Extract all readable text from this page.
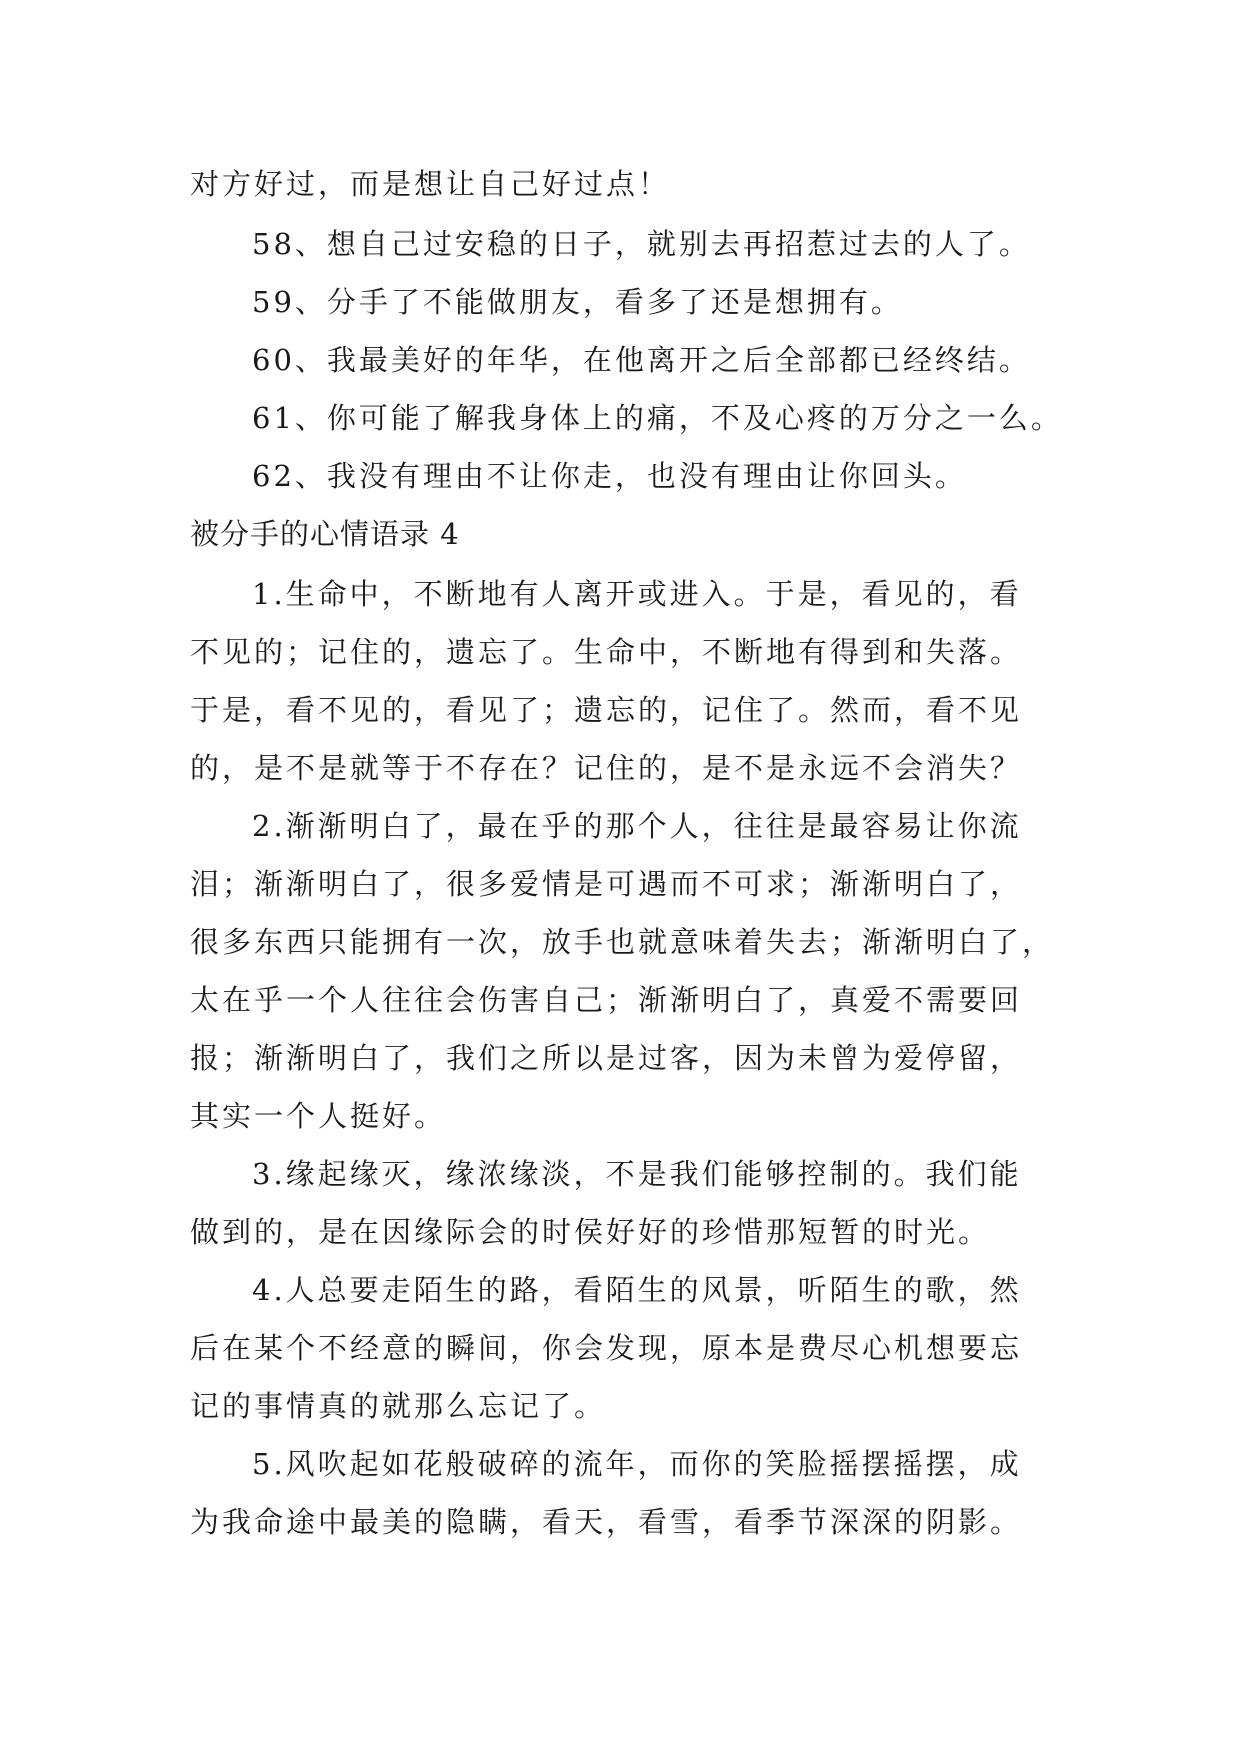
对方好过，而是想让自己好过点！
58、想自己过安稳的日子，就别去再招惹过去的人了。
59、分手了不能做朋友，看多了还是想拥有。
60、我最美好的年华，在他离开之后全部都已经终结。
61、你可能了解我身体上的痛，不及心疼的万分之一么。
62、我没有理由不让你走，也没有理由让你回头。
被分手的心情语录 4
1.生命中，不断地有人离开或进入。于是，看见的，看
不见的；记住的，遗忘了。生命中，不断地有得到和失落。
于是，看不见的，看见了；遗忘的，记住了。然而，看不见
的，是不是就等于不存在？记住的，是不是永远不会消失？
2.渐渐明白了，最在乎的那个人，往往是最容易让你流
泪；渐渐明白了，很多爱情是可遇而不可求；渐渐明白了，
很多东西只能拥有一次，放手也就意味着失去；渐渐明白了，
太在乎一个人往往会伤害自己；渐渐明白了，真爱不需要回
报；渐渐明白了，我们之所以是过客，因为未曾为爱停留，
其实一个人挺好。
3.缘起缘灭，缘浓缘淡，不是我们能够控制的。我们能
做到的，是在因缘际会的时侯好好的珍惜那短暂的时光。
4.人总要走陌生的路，看陌生的风景，听陌生的歌，然
后在某个不经意的瞬间，你会发现，原本是费尽心机想要忘
记的事情真的就那么忘记了。
5.风吹起如花般破碎的流年，而你的笑脸摇摆摇摆，成
为我命途中最美的隐瞒，看天，看雪，看季节深深的阴影。
